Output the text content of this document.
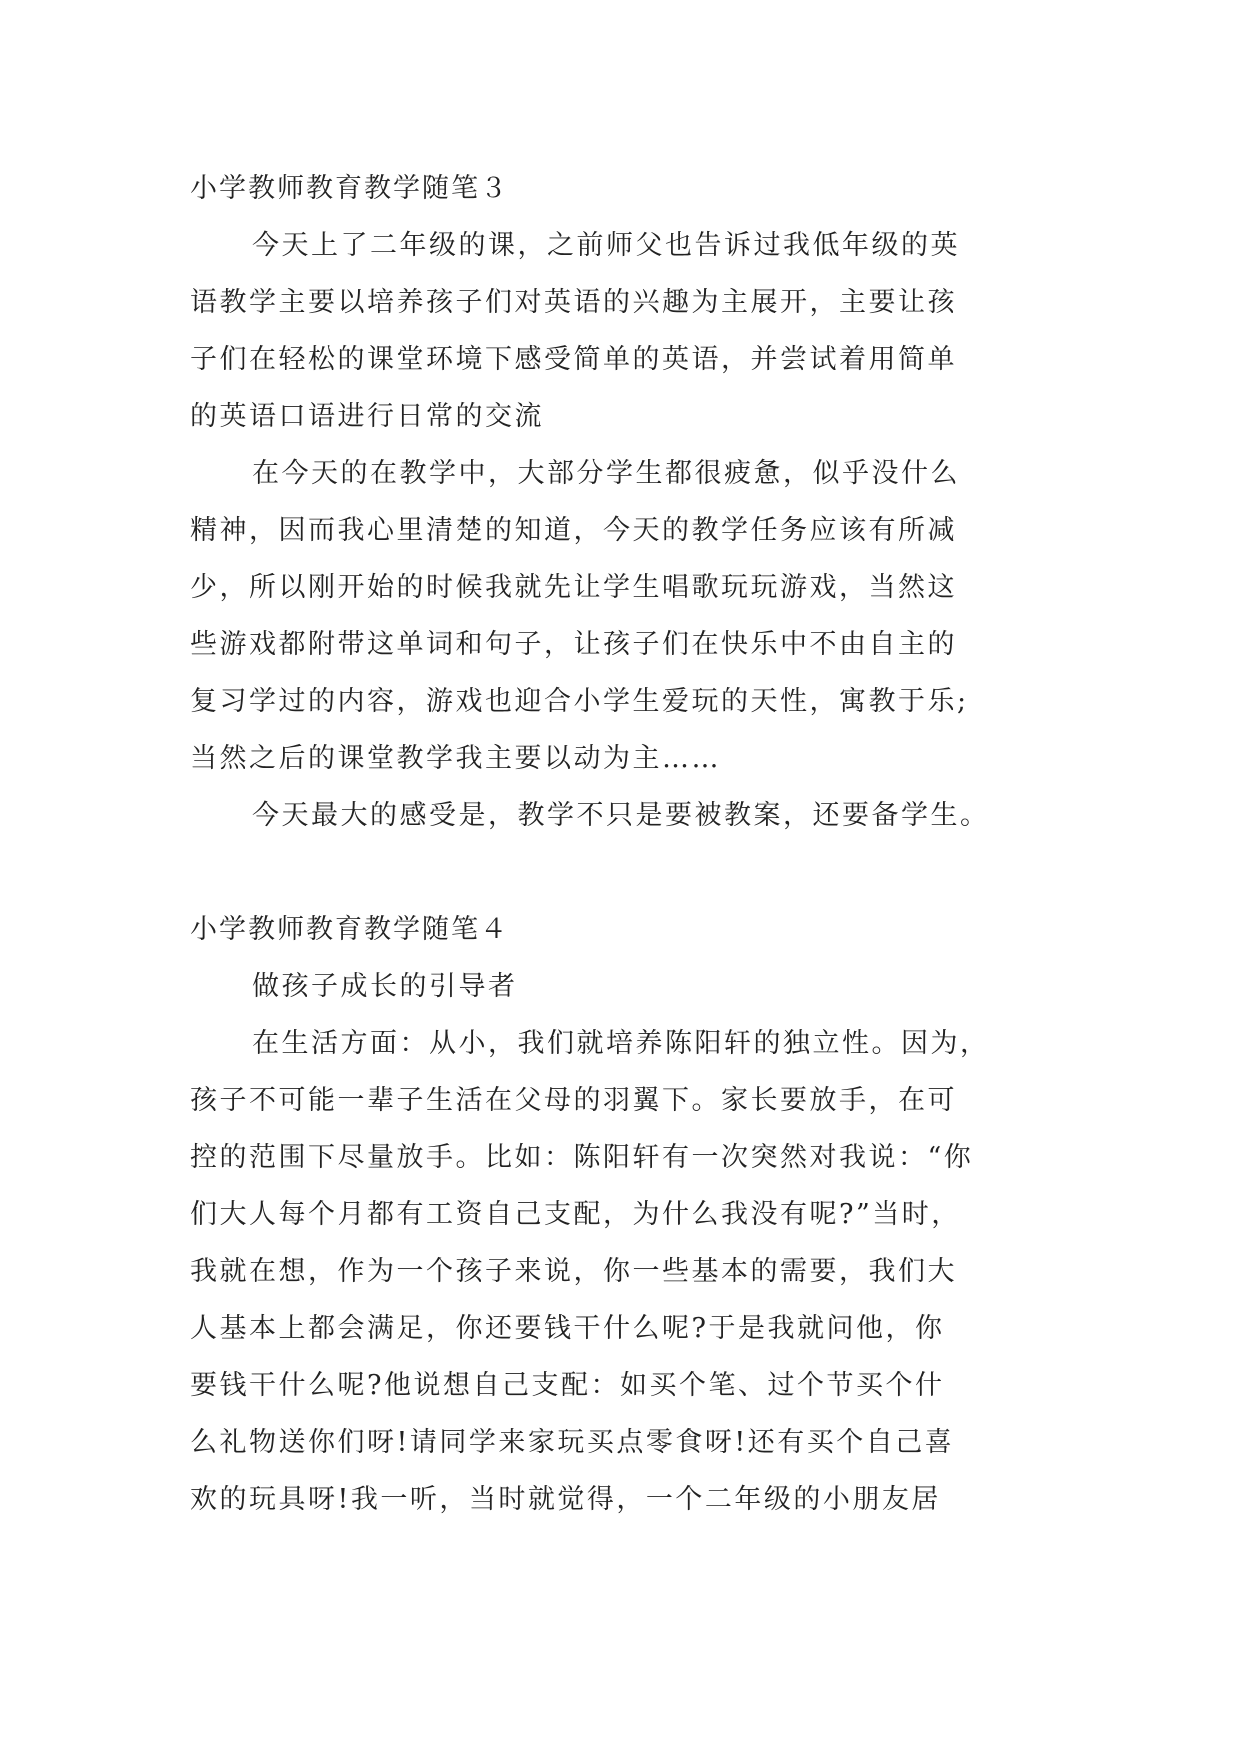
小学教师教育教学随笔３
今天上了二年级的课，之前师父也告诉过我低年级的英
语教学主要以培养孩子们对英语的兴趣为主展开，主要让孩
子们在轻松的课堂环境下感受简单的英语，并尝试着用简单
的英语口语进行日常的交流
在今天的在教学中，大部分学生都很疲惫，似乎没什么
精神，因而我心里清楚的知道，今天的教学任务应该有所减
少，所以刚开始的时候我就先让学生唱歌玩玩游戏，当然这
些游戏都附带这单词和句子，让孩子们在快乐中不由自主的
复习学过的内容，游戏也迎合小学生爱玩的天性，寓教于乐;
当然之后的课堂教学我主要以动为主……
今天最大的感受是，教学不只是要被教案，还要备学生。
小学教师教育教学随笔４
做孩子成长的引导者
在生活方面：从小，我们就培养陈阳轩的独立性。因为，
孩子不可能一辈子生活在父母的羽翼下。家长要放手，在可
控的范围下尽量放手。比如：陈阳轩有一次突然对我说：“你
们大人每个月都有工资自己支配，为什么我没有呢?”当时，
我就在想，作为一个孩子来说，你一些基本的需要，我们大
人基本上都会满足，你还要钱干什么呢?于是我就问他，你
要钱干什么呢?他说想自己支配：如买个笔、过个节买个什
么礼物送你们呀!请同学来家玩买点零食呀!还有买个自己喜
欢的玩具呀!我一听，当时就觉得，一个二年级的小朋友居
